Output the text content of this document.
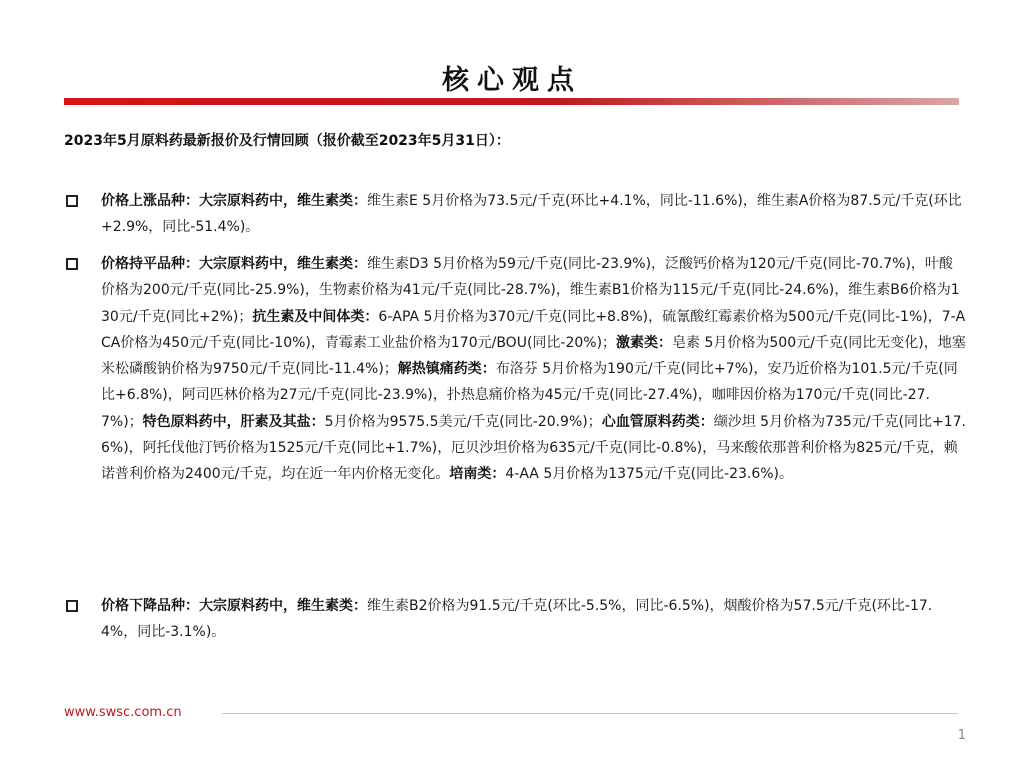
核心观点
2023年5月原料药最新报价及行情回顾（报价截至2023年5月31日）：
价格上涨品种：大宗原料药中，维生素类：维生素E 5月价格为73.5元/千克(环比+4.1%，同比-11.6%)，维生素A价格为87.5元/千克(环比+2.9%，同比-51.4%)。
价格持平品种：大宗原料药中，维生素类：维生素D3 5月价格为59元/千克(同比-23.9%)，泛酸钙价格为120元/千克(同比-70.7%)，叶酸价格为200元/千克(同比-25.9%)，生物素价格为41元/千克(同比-28.7%)，维生素B1价格为115元/千克(同比-24.6%)，维生素B6价格为130元/千克(同比+2%)；抗生素及中间体类：6-APA 5月价格为370元/千克(同比+8.8%)，硫氰酸红霉素价格为500元/千克(同比-1%)，7-ACA价格为450元/千克(同比-10%)，青霉素工业盐价格为170元/BOU(同比-20%)；激素类：皂素 5月价格为500元/千克(同比无变化)，地塞米松磷酸钠价格为9750元/千克(同比-11.4%)；解热镇痛药类：布洛芬 5月价格为190元/千克(同比+7%)，安乃近价格为101.5元/千克(同比+6.8%)，阿司匹林价格为27元/千克(同比-23.9%)，扑热息痛价格为45元/千克(同比-27.4%)，咖啡因价格为170元/千克(同比-27.7%)；特色原料药中，肝素及其盐：5月价格为9575.5美元/千克(同比-20.9%)；心血管原料药类：缬沙坦 5月价格为735元/千克(同比+17.6%)，阿托伐他汀钙价格为1525元/千克(同比+1.7%)，厄贝沙坦价格为635元/千克(同比-0.8%)，马来酸依那普利价格为825元/千克，赖诺普利价格为2400元/千克，均在近一年内价格无变化。培南类：4-AA 5月价格为1375元/千克(同比-23.6%)。
价格下降品种：大宗原料药中，维生素类：维生素B2价格为91.5元/千克(环比-5.5%，同比-6.5%)，烟酸价格为57.5元/千克(环比-17.4%，同比-3.1%)。
www.swsc.com.cn
1
